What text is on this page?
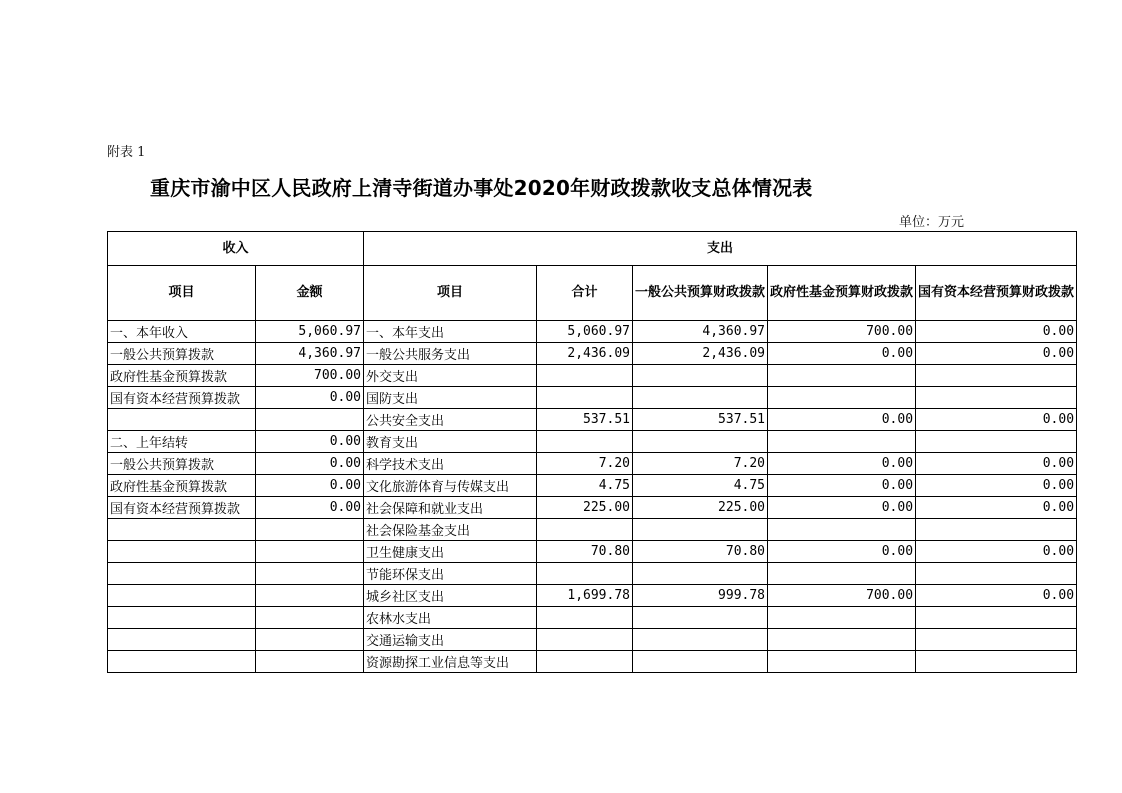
附表 1
重庆市渝中区人民政府上清寺街道办事处2020年财政拨款收支总体情况表
单位：万元
收入		支出				
项目	金额	项目	合计	一般公共预算财政拨款	政府性基金预算财政拨款	国有资本经营预算财政拨款
一、本年收入	5,060.97	一、本年支出	5,060.97	4,360.97	700.00	0.00
一般公共预算拨款	4,360.97	一般公共服务支出	2,436.09	2,436.09	0.00	0.00
政府性基金预算拨款	700.00	外交支出				
国有资本经营预算拨款	0.00	国防支出				
		公共安全支出	537.51	537.51	0.00	0.00
二、上年结转	0.00	教育支出				
一般公共预算拨款	0.00	科学技术支出	7.20	7.20	0.00	0.00
政府性基金预算拨款	0.00	文化旅游体育与传媒支出	4.75	4.75	0.00	0.00
国有资本经营预算拨款	0.00	社会保障和就业支出	225.00	225.00	0.00	0.00
		社会保险基金支出				
		卫生健康支出	70.80	70.80	0.00	0.00
		节能环保支出				
		城乡社区支出	1,699.78	999.78	700.00	0.00
		农林水支出				
		交通运输支出				
		资源勘探工业信息等支出				
